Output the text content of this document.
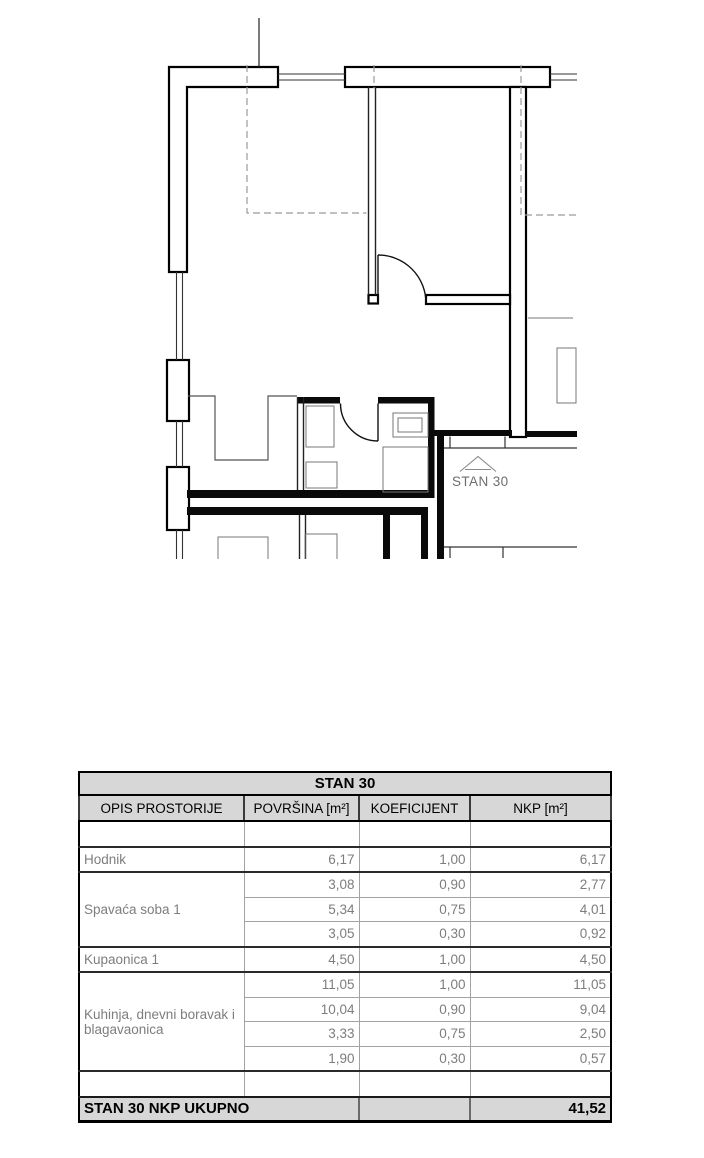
STAN 30
STAN 30			
OPIS PROSTORIJE	POVRŠINA [m²]	KOEFICIJENT	NKP [m²]

Hodnik	6,17	1,00	6,17
Spavaća soba 1	3,08	0,90	2,77
	5,34	0,75	4,01
	3,05	0,30	0,92
Kupaonica 1	4,50	1,00	4,50
Kuhinja, dnevni boravak i blagavaonica	11,05	1,00	11,05
	10,04	0,90	9,04
	3,33	0,75	2,50
	1,90	0,30	0,57

STAN 30 NKP UKUPNO			41,52
